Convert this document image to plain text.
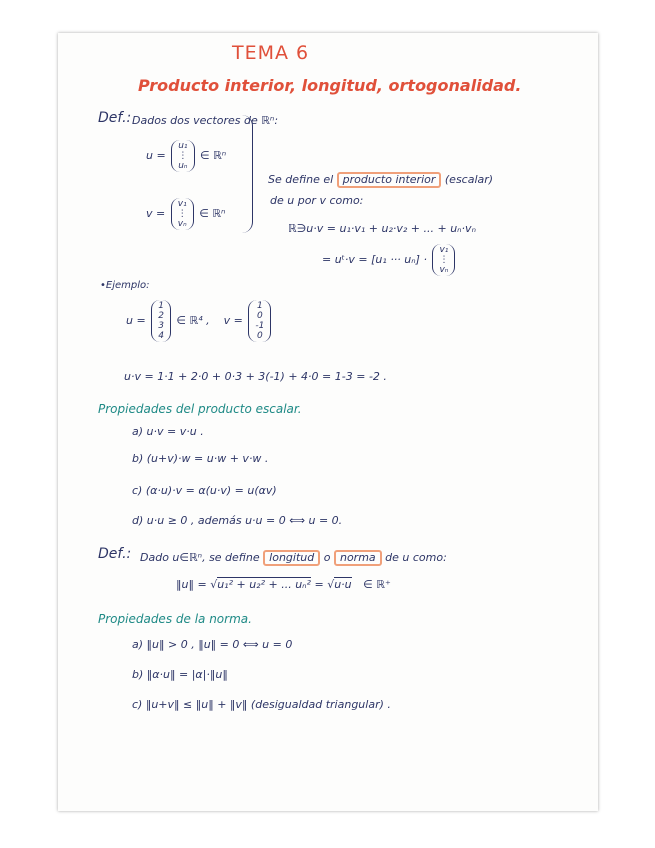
TEMA 6
Producto interior, longitud, ortogonalidad.
Def.: Dados dos vectores de ℝⁿ:
u =
u₁
⋮
uₙ
∈ ℝⁿ
v =
v₁
⋮
vₙ
∈ ℝⁿ
Se define el producto interior (escalar)
de u por v como:
ℝ∋u·v = u₁·v₁ + u₂·v₂ + ... + uₙ·vₙ
= uᵗ·v = [u₁ ··· uₙ] ·
v₁
⋮
vₙ
•Ejemplo:
u =
1
2
3
4
∈ ℝ⁴ , v =
1
0
-1
0
u·v = 1·1 + 2·0 + 0·3 + 3(-1) + 4·0 = 1-3 = -2 .
Propiedades del producto escalar.
a) u·v = v·u .
b) (u+v)·w = u·w + v·w .
c) (α·u)·v = α(u·v) = u(αv)
d) u·u ≥ 0 , además u·u = 0 ⟺ u = 0.
Def.: Dado u∈ℝⁿ, se define longitud o norma de u como:
‖u‖ = √u₁² + u₂² + ... uₙ² = √u·u ∈ ℝ⁺
Propiedades de la norma.
a) ‖u‖ > 0 , ‖u‖ = 0 ⟺ u = 0
b) ‖α·u‖ = |α|·‖u‖
c) ‖u+v‖ ≤ ‖u‖ + ‖v‖ (desigualdad triangular) .
